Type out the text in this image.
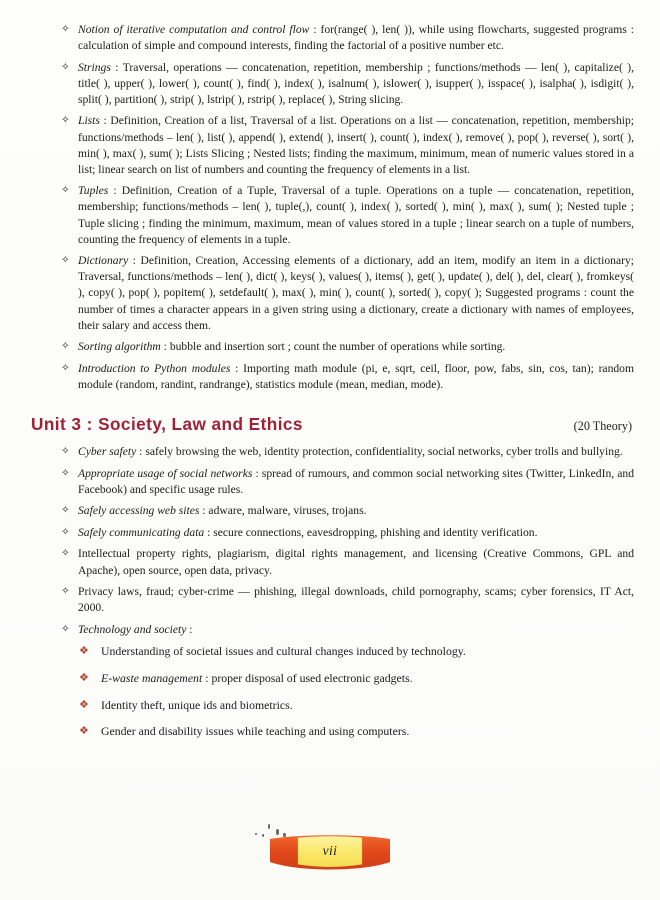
✧ Notion of iterative computation and control flow : for(range( ), len( )), while using flowcharts, suggested programs : calculation of simple and compound interests, finding the factorial of a positive number etc.
✧ Strings : Traversal, operations — concatenation, repetition, membership ; functions/methods — len( ), capitalize( ), title( ), upper( ), lower( ), count( ), find( ), index( ), isalnum( ), islower( ), isupper( ), isspace( ), isalpha( ), isdigit( ), split( ), partition( ), strip( ), lstrip( ), rstrip( ), replace( ), String slicing.
✧ Lists : Definition, Creation of a list, Traversal of a list. Operations on a list — concatenation, repetition, membership; functions/methods – len( ), list( ), append( ), extend( ), insert( ), count( ), index( ), remove( ), pop( ), reverse( ), sort( ), min( ), max( ), sum( ); Lists Slicing ; Nested lists; finding the maximum, minimum, mean of numeric values stored in a list; linear search on list of numbers and counting the frequency of elements in a list.
✧ Tuples : Definition, Creation of a Tuple, Traversal of a tuple. Operations on a tuple — concatenation, repetition, membership; functions/methods – len( ), tuple(,), count( ), index( ), sorted( ), min( ), max( ), sum( ); Nested tuple ; Tuple slicing ; finding the minimum, maximum, mean of values stored in a tuple ; linear search on a tuple of numbers, counting the frequency of elements in a tuple.
✧ Dictionary : Definition, Creation, Accessing elements of a dictionary, add an item, modify an item in a dictionary; Traversal, functions/methods – len( ), dict( ), keys( ), values( ), items( ), get( ), update( ), del( ), del, clear( ), fromkeys( ), copy( ), pop( ), popitem( ), setdefault( ), max( ), min( ), count( ), sorted( ), copy( ); Suggested programs : count the number of times a character appears in a given string using a dictionary, create a dictionary with names of employees, their salary and access them.
✧ Sorting algorithm : bubble and insertion sort ; count the number of operations while sorting.
✧ Introduction to Python modules : Importing math module (pi, e, sqrt, ceil, floor, pow, fabs, sin, cos, tan); random module (random, randint, randrange), statistics module (mean, median, mode).
Unit 3 : Society, Law and Ethics	(20 Theory)
✧ Cyber safety : safely browsing the web, identity protection, confidentiality, social networks, cyber trolls and bullying.
✧ Appropriate usage of social networks : spread of rumours, and common social networking sites (Twitter, LinkedIn, and Facebook) and specific usage rules.
✧ Safely accessing web sites : adware, malware, viruses, trojans.
✧ Safely communicating data : secure connections, eavesdropping, phishing and identity verification.
✧ Intellectual property rights, plagiarism, digital rights management, and licensing (Creative Commons, GPL and Apache), open source, open data, privacy.
✧ Privacy laws, fraud; cyber-crime — phishing, illegal downloads, child pornography, scams; cyber forensics, IT Act, 2000.
✧ Technology and society :
❖ Understanding of societal issues and cultural changes induced by technology.
❖ E-waste management : proper disposal of used electronic gadgets.
❖ Identity theft, unique ids and biometrics.
❖ Gender and disability issues while teaching and using computers.
vii
